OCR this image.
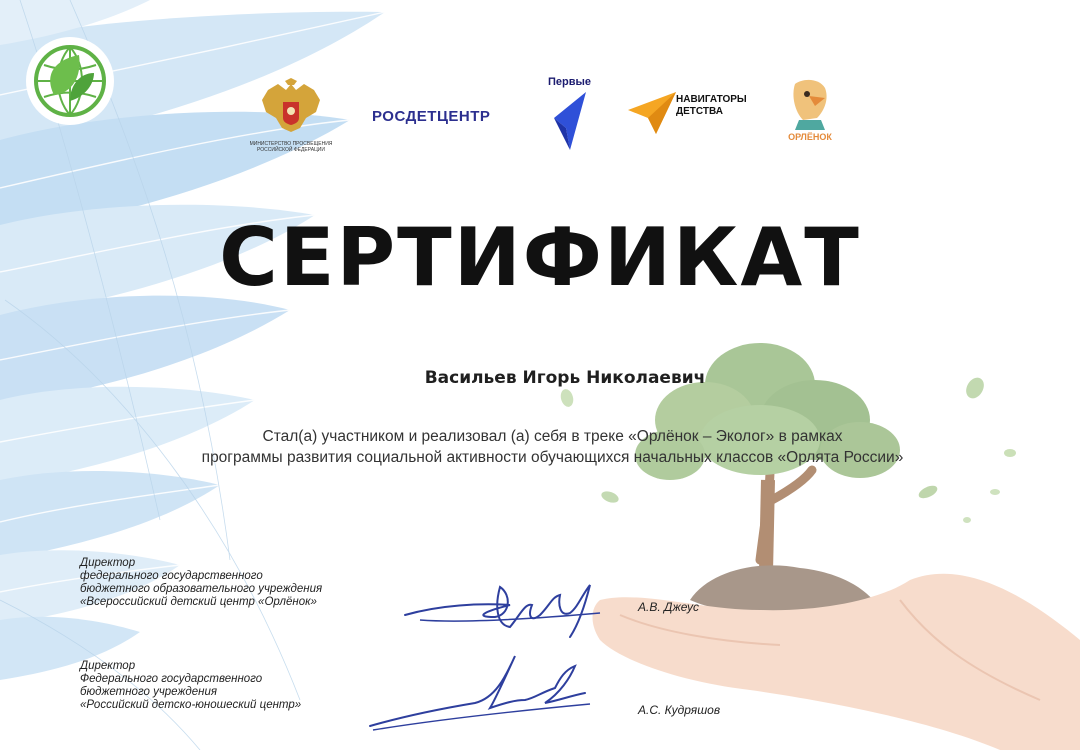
МИНИСТЕРСТВО ПРОСВЕЩЕНИЯ
РОССИЙСКОЙ ФЕДЕРАЦИИ
РОСДЕТЦЕНТР
Первые
НАВИГАТОРЫ
ДЕТСТВА
ОРЛЁНОК
СЕРТИФИКАТ
Васильев Игорь Николаевич
Стал(а) участником и реализовал (а) себя в треке «Орлёнок – Эколог» в рамках
программы развития социальной активности обучающихся начальных классов «Орлята России»
Директор
федерального государственного
бюджетного образовательного учреждения
«Всероссийский детский центр «Орлёнок»	А.В. Джеус
Директор
Федерального государственного
бюджетного учреждения
«Российский детско-юношеский центр»	А.С. Кудряшов
